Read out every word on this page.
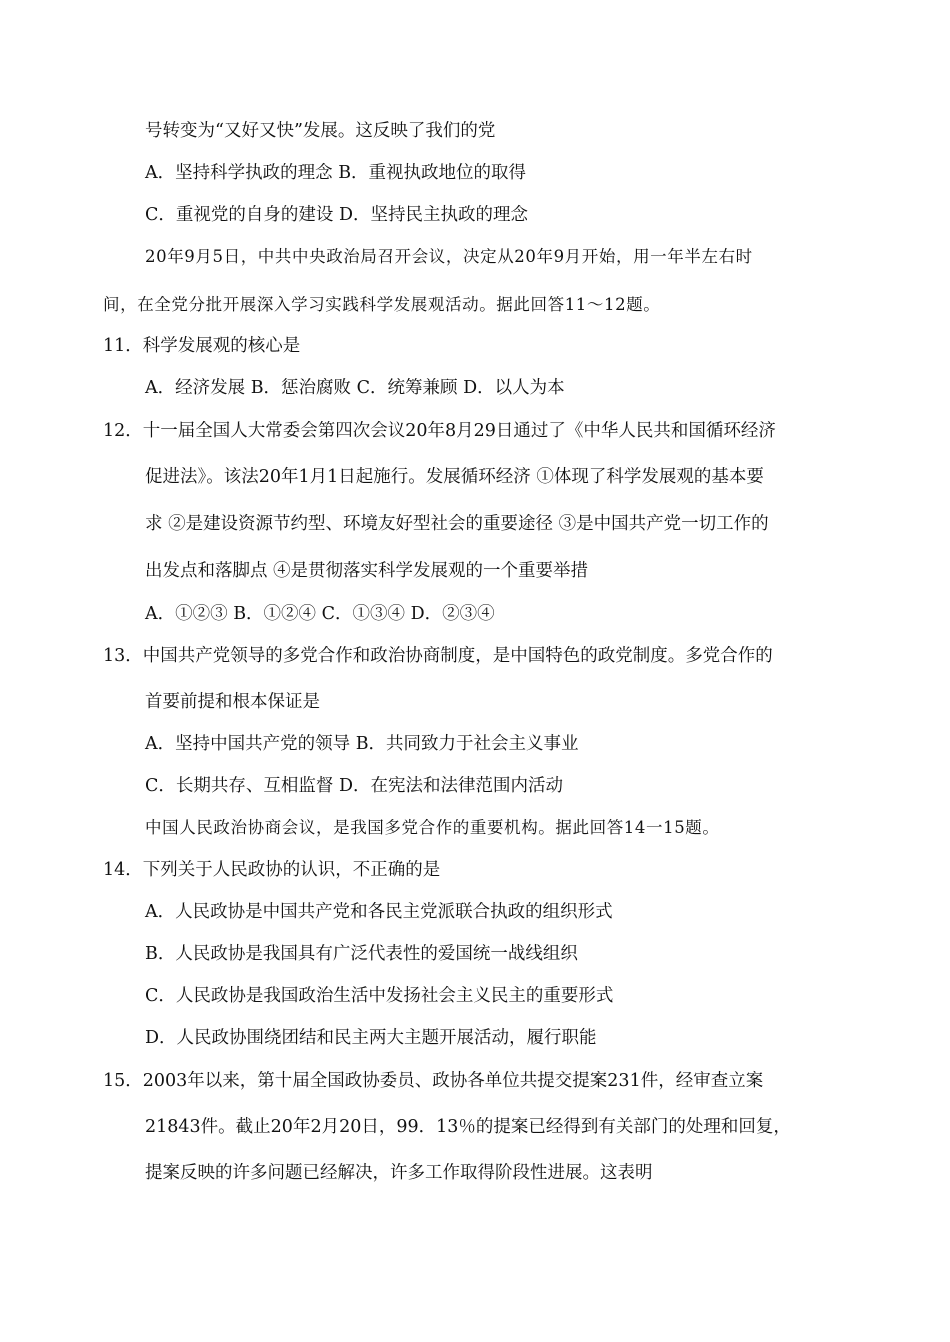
号转变为“又好又快”发展。这反映了我们的党
A．坚持科学执政的理念 B．重视执政地位的取得
C．重视党的自身的建设 D．坚持民主执政的理念
20年9月5日，中共中央政治局召开会议，决定从20年9月开始，用一年半左右时
间，在全党分批开展深入学习实践科学发展观活动。据此回答11～12题。
11．科学发展观的核心是
A．经济发展 B．惩治腐败 C．统筹兼顾 D．以人为本
12．十一届全国人大常委会第四次会议20年8月29日通过了《中华人民共和国循环经济
促进法》。该法20年1月1日起施行。发展循环经济 ①体现了科学发展观的基本要
求 ②是建设资源节约型、环境友好型社会的重要途径 ③是中国共产党一切工作的
出发点和落脚点 ④是贯彻落实科学发展观的一个重要举措
A．①②③ B．①②④ C．①③④ D．②③④
13．中国共产党领导的多党合作和政治协商制度，是中国特色的政党制度。多党合作的
首要前提和根本保证是
A．坚持中国共产党的领导 B．共同致力于社会主义事业
C．长期共存、互相监督 D．在宪法和法律范围内活动
中国人民政治协商会议，是我国多党合作的重要机构。据此回答14一15题。
14．下列关于人民政协的认识，不正确的是
A．人民政协是中国共产党和各民主党派联合执政的组织形式
B．人民政协是我国具有广泛代表性的爱国统一战线组织
C．人民政协是我国政治生活中发扬社会主义民主的重要形式
D．人民政协围绕团结和民主两大主题开展活动，履行职能
15．2003年以来，第十届全国政协委员、政协各单位共提交提案231件，经审查立案
21843件。截止20年2月20日，99．13％的提案已经得到有关部门的处理和回复，
提案反映的许多问题已经解决，许多工作取得阶段性进展。这表明
